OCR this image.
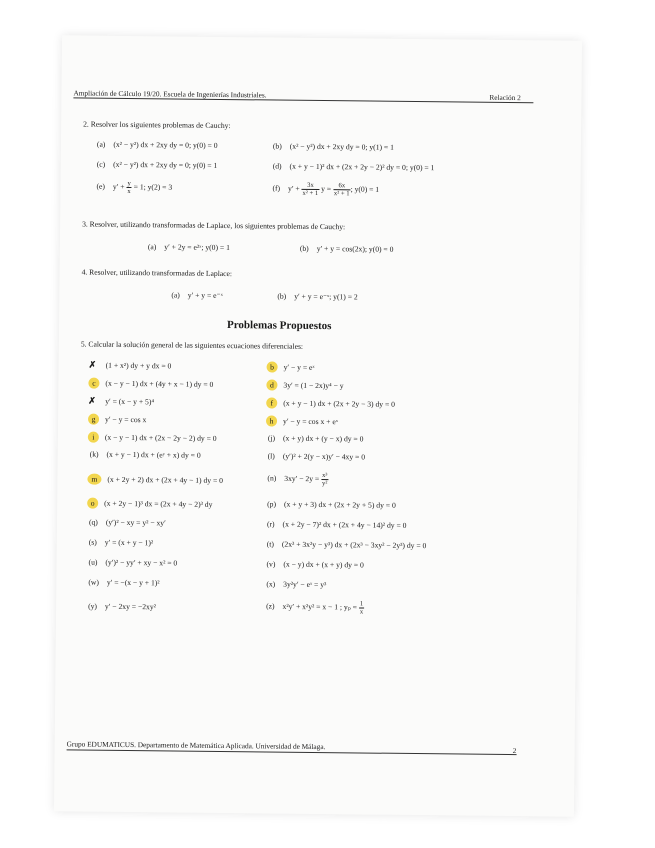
Ampliación de Cálculo 19/20. Escuela de Ingenierías Industriales.	Relación 2
2. Resolver los siguientes problemas de Cauchy:
(a) (x² − y²) dx + 2xy dy = 0; y(0) = 0	(b) (x² − y²) dx + 2xy dy = 0; y(1) = 1
(c) (x² − y²) dx + 2xy dy = 0; y(0) = 1	(d) (x + y − 1)² dx + (2x + 2y − 2)² dy = 0; y(0) = 1
(e) $y' + \frac{y}{x} = 1$; y(2) = 3	(f) $y' + \frac{3x}{\text{x² + 1}}$ $y = \frac{6x}{\text{x² + 1}}$ ; y(0) = 1
3. Resolver, utilizando transformadas de Laplace, los siguientes problemas de Cauchy:
(a) y′ + 2y = e²ˣ; y(0) = 1	(b) y′ + y = cos(2x); y(0) = 0
4. Resolver, utilizando transformadas de Laplace:
(a) y′ + y = e⁻ˣ	(b) y′ + y = e⁻ˣ; y(1) = 2
Problemas Propuestos
5. Calcular la solución general de las siguientes ecuaciones diferenciales:
✗ (1 + x²) dy + y dx = 0	b y′ − y = eˣ
c (x − y − 1) dx + (4y + x − 1) dy = 0	d 3y′ = (1 − 2x)y⁴ − y
✗ y′ = (x − y + 5)⁴	f (x + y − 1) dx + (2x + 2y − 3) dy = 0
g y′ − y = cos x	h y′ − y = cos x + eˣ
i (x − y − 1) dx + (2x − 2y − 2) dy = 0	(j) (x + y) dx + (y − x) dy = 0
(k) (x + y − 1) dx + (eʸ + x) dy = 0	(l) (y′)² + 2(y − x)y′ − 4xy = 0
m (x + 2y + 2) dx + (2x + 4y − 1) dy = 0	(n) $3xy' - 2y = \frac{\text{x³}}{\text{y²}}$
o (x + 2y − 1)³ dx = (2x + 4y − 2)³ dy	(p) (x + y + 3) dx + (2x + 2y + 5) dy = 0
(q) (y′)² − xy = y² − xy′	(r) (x + 2y − 7)² dx + (2x + 4y − 14)² dy = 0
(s) y′ = (x + y − 1)²	(t) (2x³ + 3x²y − y³) dx + (2x³ − 3xy² − 2y³) dy = 0
(u) (y′)² − yy′ + xy − x² = 0	(v) (x − y) dx + (x + y) dy = 0
(w) y′ = −(x − y + 1)²	(x) 3y²y′ − eˣ = y³
(y) y′ − 2xy = −2xy²	(z) x²y′ + x²y² = x − 1 ; $y_p = \frac{1}{x}$
Grupo EDUMATICUS. Departamento de Matemática Aplicada. Universidad de Málaga.	2
